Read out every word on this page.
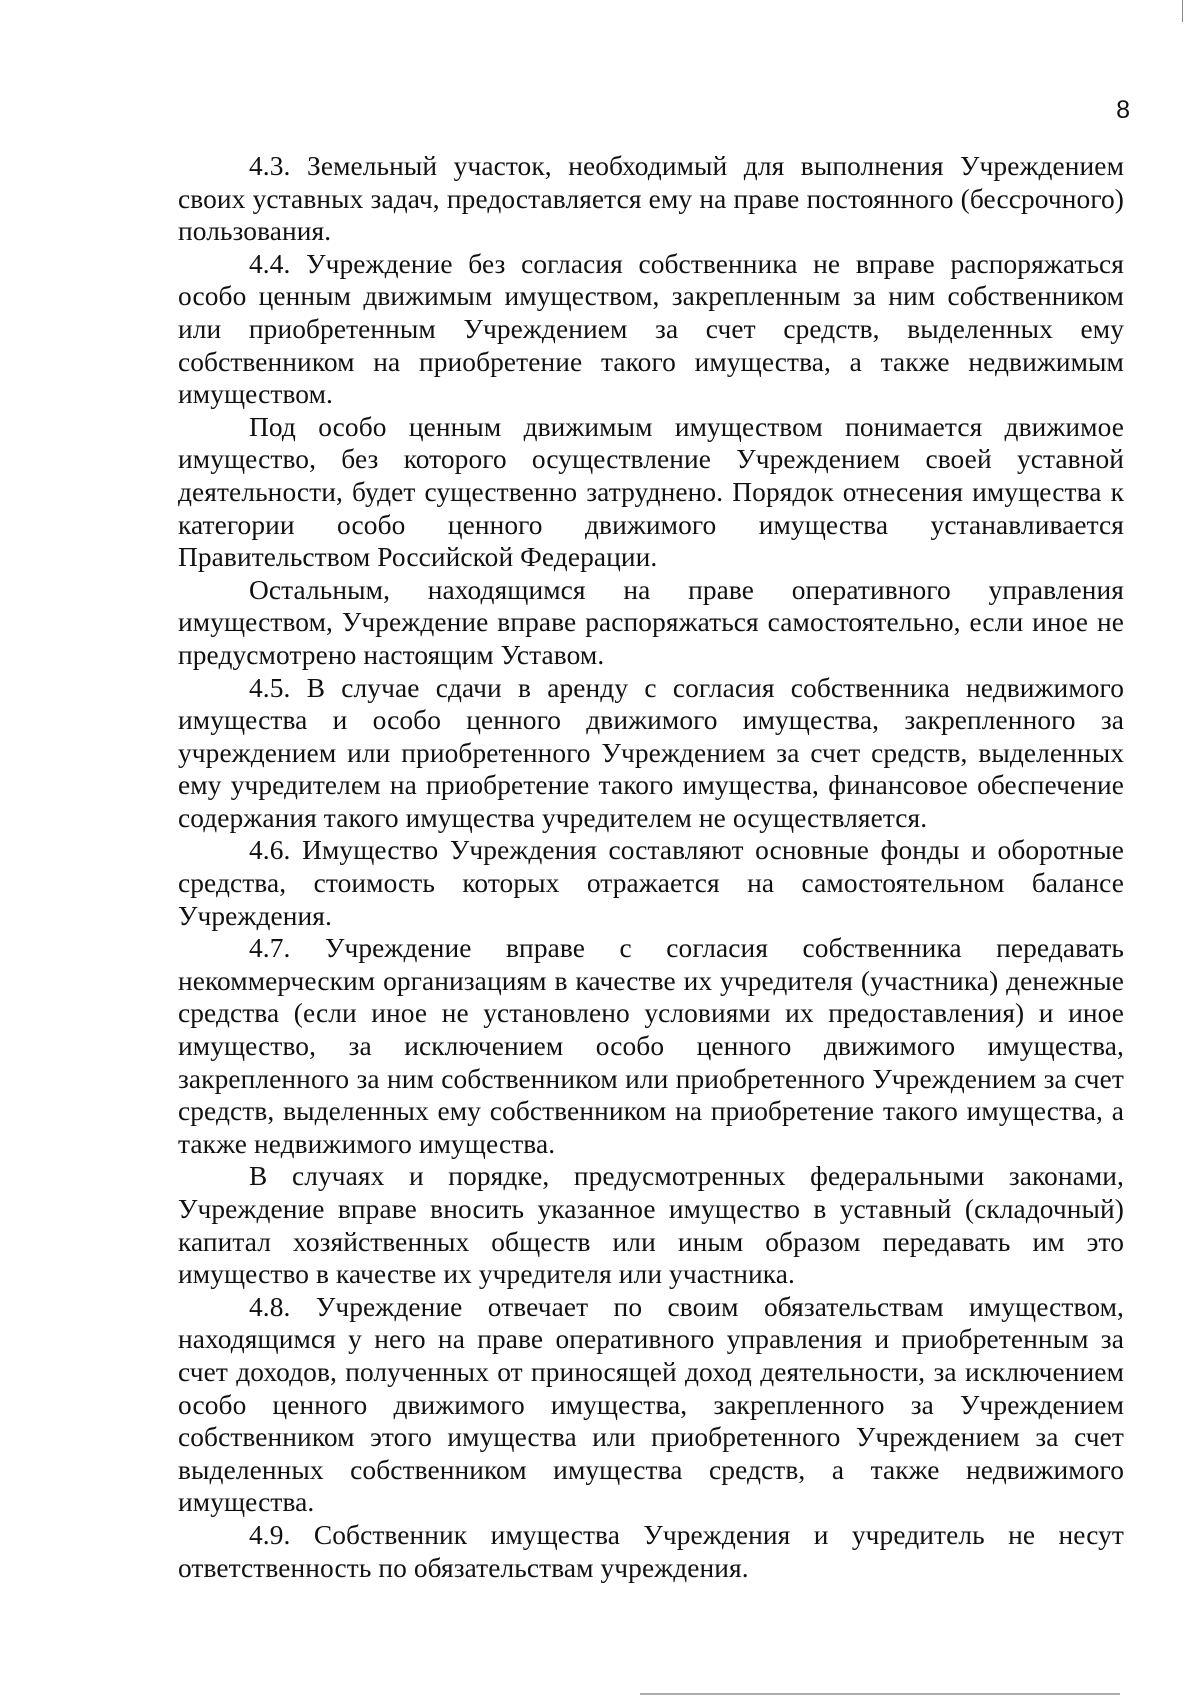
8

4.3. Земельный участок, необходимый для выполнения Учреждением своих уставных задач, предоставляется ему на праве постоянного (бессрочного) пользования.

4.4. Учреждение без согласия собственника не вправе распоряжаться особо ценным движимым имуществом, закрепленным за ним собственником или приобретенным Учреждением за счет средств, выделенных ему собственником на приобретение такого имущества, а также недвижимым имуществом.

Под особо ценным движимым имуществом понимается движимое имущество, без которого осуществление Учреждением своей уставной деятельности, будет существенно затруднено. Порядок отнесения имущества к категории особо ценного движимого имущества устанавливается Правительством Российской Федерации.

Остальным, находящимся на праве оперативного управления имуществом, Учреждение вправе распоряжаться самостоятельно, если иное не предусмотрено настоящим Уставом.

4.5. В случае сдачи в аренду с согласия собственника недвижимого имущества и особо ценного движимого имущества, закрепленного за учреждением или приобретенного Учреждением за счет средств, выделенных ему учредителем на приобретение такого имущества, финансовое обеспечение содержания такого имущества учредителем не осуществляется.

4.6. Имущество Учреждения составляют основные фонды и оборотные средства, стоимость которых отражается на самостоятельном балансе Учреждения.

4.7. Учреждение вправе с согласия собственника передавать некоммерческим организациям в качестве их учредителя (участника) денежные средства (если иное не установлено условиями их предоставления) и иное имущество, за исключением особо ценного движимого имущества, закрепленного за ним собственником или приобретенного Учреждением за счет средств, выделенных ему собственником на приобретение такого имущества, а также недвижимого имущества.

В случаях и порядке, предусмотренных федеральными законами, Учреждение вправе вносить указанное имущество в уставный (складочный) капитал хозяйственных обществ или иным образом передавать им это имущество в качестве их учредителя или участника.

4.8. Учреждение отвечает по своим обязательствам имуществом, находящимся у него на праве оперативного управления и приобретенным за счет доходов, полученных от приносящей доход деятельности, за исключением особо ценного движимого имущества, закрепленного за Учреждением собственником этого имущества или приобретенного Учреждением за счет выделенных собственником имущества средств, а также недвижимого имущества.

4.9. Собственник имущества Учреждения и учредитель не несут ответственность по обязательствам учреждения.
